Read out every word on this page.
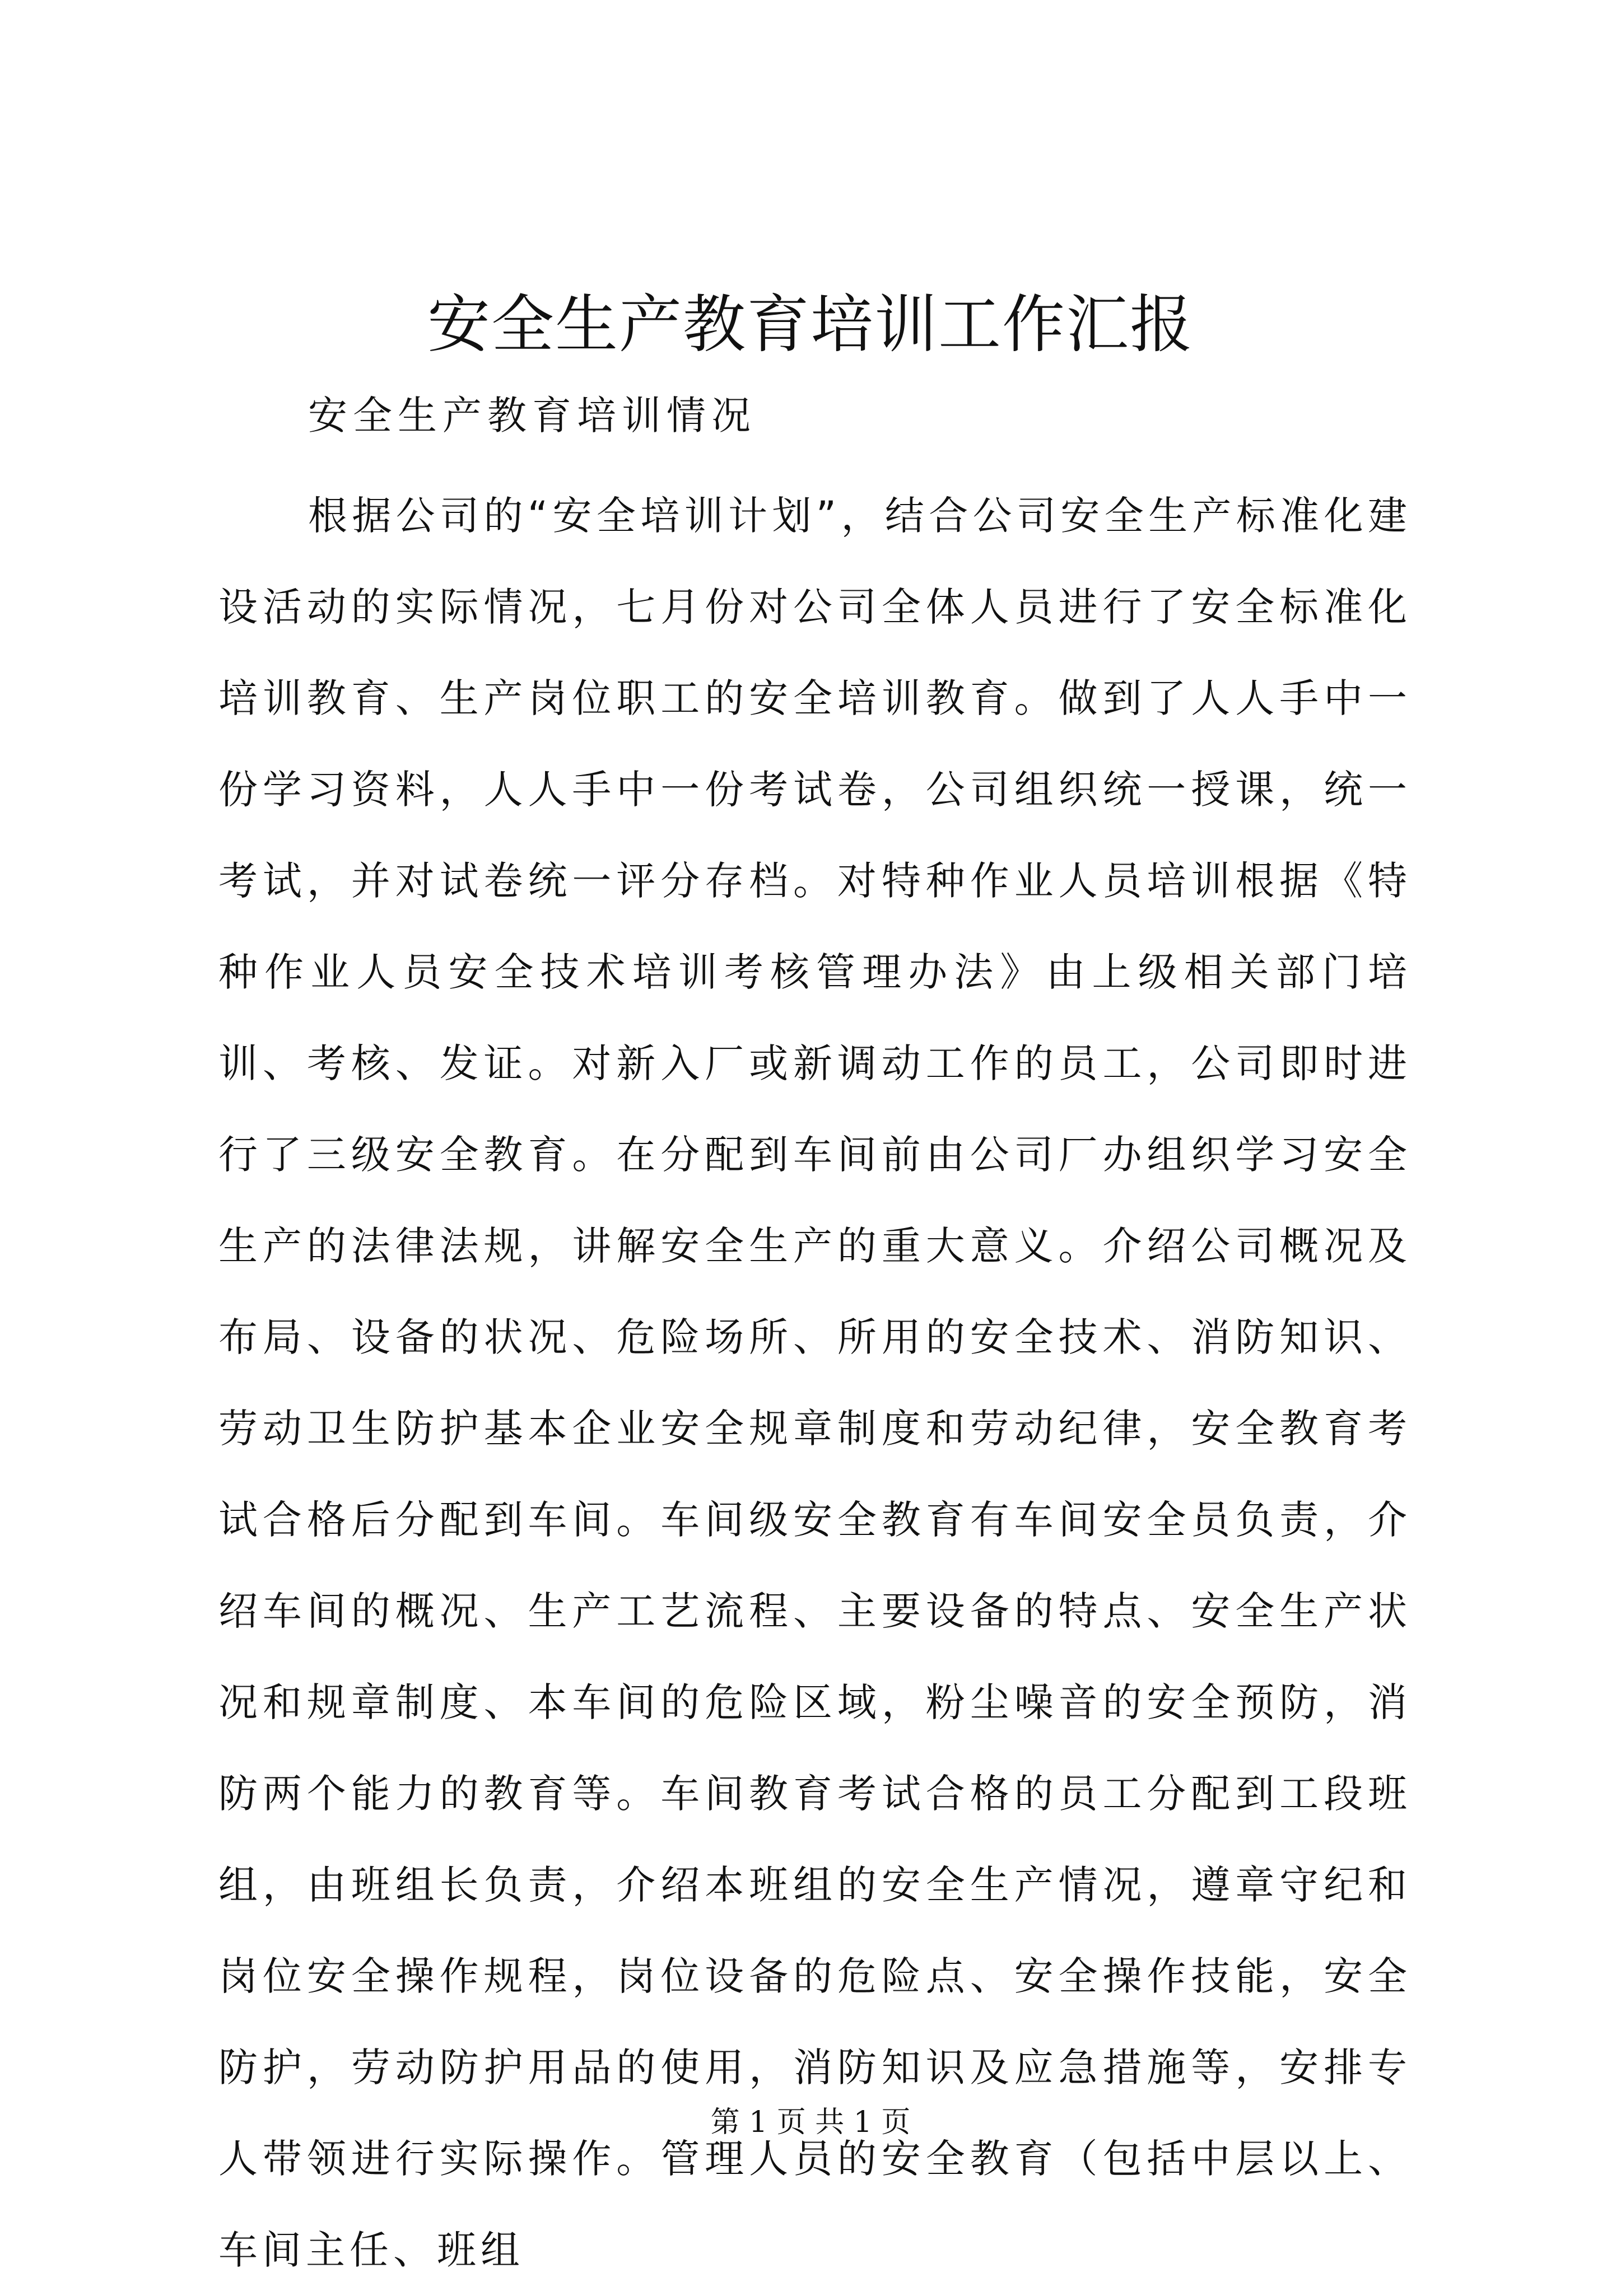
安全生产教育培训工作汇报

安全生产教育培训情况

根据公司的“安全培训计划”，结合公司安全生产标准化建设活动的实际情况，七月份对公司全体人员进行了安全标准化培训教育、生产岗位职工的安全培训教育。做到了人人手中一份学习资料，人人手中一份考试卷，公司组织统一授课，统一考试，并对试卷统一评分存档。对特种作业人员培训根据《特种作业人员安全技术培训考核管理办法》由上级相关部门培训、考核、发证。对新入厂或新调动工作的员工，公司即时进行了三级安全教育。在分配到车间前由公司厂办组织学习安全生产的法律法规，讲解安全生产的重大意义。介绍公司概况及布局、设备的状况、危险场所、所用的安全技术、消防知识、劳动卫生防护基本企业安全规章制度和劳动纪律，安全教育考试合格后分配到车间。车间级安全教育有车间安全员负责，介绍车间的概况、生产工艺流程、主要设备的特点、安全生产状况和规章制度、本车间的危险区域，粉尘噪音的安全预防，消防两个能力的教育等。车间教育考试合格的员工分配到工段班组，由班组长负责，介绍本班组的安全生产情况，遵章守纪和岗位安全操作规程，岗位设备的危险点、安全操作技能，安全防护，劳动防护用品的使用，消防知识及应急措施等，安排专人带领进行实际操作。管理人员的安全教育（包括中层以上、车间主任、班组

第 1 页 共 1 页
